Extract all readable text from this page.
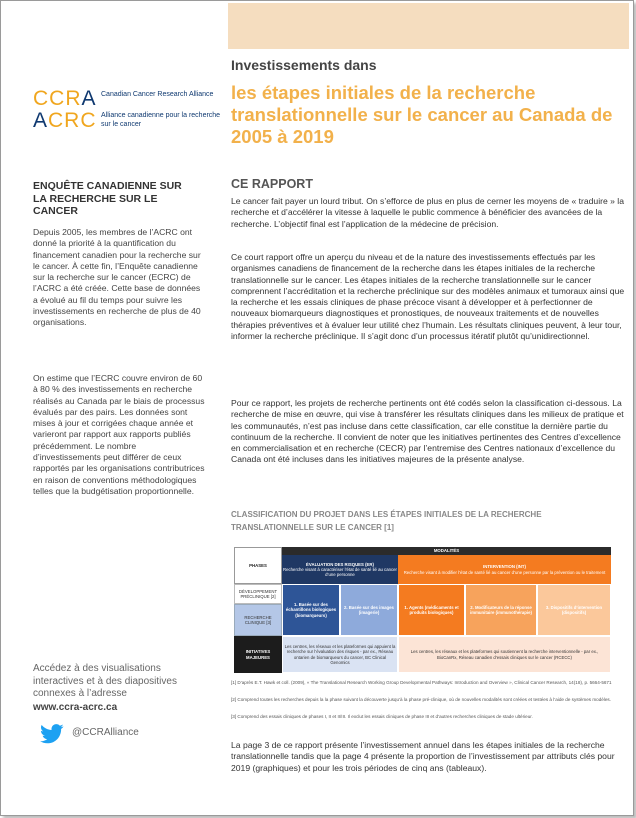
CCRA
ACRC
Canadian Cancer Research Alliance
Alliance canadienne pour la recherche sur le cancer
Investissements dans
les étapes initiales de la recherche translationnelle sur le cancer au Canada de 2005 à 2019
ENQUÊTE CANADIENNE SUR LA RECHERCHE SUR LE CANCER

Depuis 2005, les membres de l’ACRC ont donné la priorité à la quantification du financement canadien pour la recherche sur le cancer. À cette fin, l’Enquête canadienne sur la recherche sur le cancer (ECRC) de l’ACRC a été créée. Cette base de données a évolué au fil du temps pour suivre les investissements en recherche de plus de 40 organisations.

On estime que l’ECRC couvre environ de 60 à 80 % des investissements en recherche réalisés au Canada par le biais de processus évalués par des pairs. Les données sont mises à jour et corrigées chaque année et varieront par rapport aux rapports publiés précédemment. Le nombre d’investissements peut différer de ceux rapportés par les organisations contributrices en raison de conventions méthodologiques telles que la budgétisation proportionnelle.

Accédez à des visualisations interactives et à des diapositives connexes à l’adresse

www.ccra-acrc.ca
@CCRAlliance
CE RAPPORT

Le cancer fait payer un lourd tribut. On s’efforce de plus en plus de cerner les moyens de « traduire » la recherche et d’accélérer la vitesse à laquelle le public commence à bénéficier des avancées de la recherche. L’objectif final est l’application de la médecine de précision.

Ce court rapport offre un aperçu du niveau et de la nature des investissements effectués par les organismes canadiens de financement de la recherche dans les étapes initiales de la recherche translationnelle sur le cancer. Les étapes initiales de la recherche translationnelle sur le cancer comprennent l’accréditation et la recherche préclinique sur des modèles animaux et tumoraux ainsi que la recherche et les essais cliniques de phase précoce visant à développer et à perfectionner de nouveaux biomarqueurs diagnostiques et pronostiques, de nouveaux traitements et de nouvelles thérapies préventives et à évaluer leur utilité chez l’humain. Les résultats cliniques peuvent, à leur tour, informer la recherche préclinique. Il s’agit donc d’un processus itératif plutôt qu’unidirectionnel.

Pour ce rapport, les projets de recherche pertinents ont été codés selon la classification ci-dessous. La recherche de mise en œuvre, qui vise à transférer les résultats cliniques dans les milieux de pratique et les communautés, n’est pas incluse dans cette classification, car elle constitue la dernière partie du continuum de la recherche. Il convient de noter que les initiatives pertinentes des Centres d’excellence en commercialisation et en recherche (CECR) par l’entremise des Centres nationaux d’excellence du Canada ont été incluses dans les initiatives majeures de la présente analyse.

CLASSIFICATION DU PROJET DANS LES ÉTAPES INITIALES DE LA RECHERCHE TRANSLATIONNELLE SUR LE CANCER [1]

PHASES
MODALITÉS
ÉVALUATION DES RISQUES (ER)
Recherche visant à caractériser l’état de santé lié au cancer d’une personne
INTERVENTION (INT)
Recherche visant à modifier l’état de santé lié au cancer d’une personne par la prévention ou le traitement
DÉVELOPPEMENT PRÉCLINIQUE [2]
RECHERCHE CLINIQUE [3]
1. Basée sur des échantillons biologiques (biomarqueurs)
2. Basée sur des images (imagerie)
1. Agents (médicaments et produits biologiques)
2. Modificateurs de la réponse immunitaire (immunothérapie)
3. Dispositifs d’intervention (dispositifs)
INITIATIVES MAJEURES
Les centres, les réseaux et les plateformes qui appuient la recherche sur l’évaluation des risques - par ex., Réseau ontarien de biomarqueurs du cancer, BC Clinical Genomics
Les centres, les réseaux et les plateformes qui soutiennent la recherche interventionnelle - par ex., BioCanRx, Réseau canadien d’essais cliniques sur le cancer (RCECC)

[1] D’après E.T. Hawk et coll. (2009), « The Translational Research Working Group Developmental Pathways: Introduction and Overview », Clinical Cancer Research, 14(18), p. 5664-5671

[2] Comprend toutes les recherches depuis la la phase suivant la découverte jusqu’à la phase pré-clinique, où de nouvelles modalités sont créées et testées à l’aide de systèmes modèles.

[3] Comprend des essais cliniques de phases I, II et II/III. Il exclut les essais cliniques de phase III et d’autres recherches cliniques de stade ultérieur.

La page 3 de ce rapport présente l’investissement annuel dans les étapes initiales de la recherche translationnelle tandis que la page 4 présente la proportion de l’investissement par attributs clés pour 2019 (graphiques) et pour les trois périodes de cinq ans (tableaux).
